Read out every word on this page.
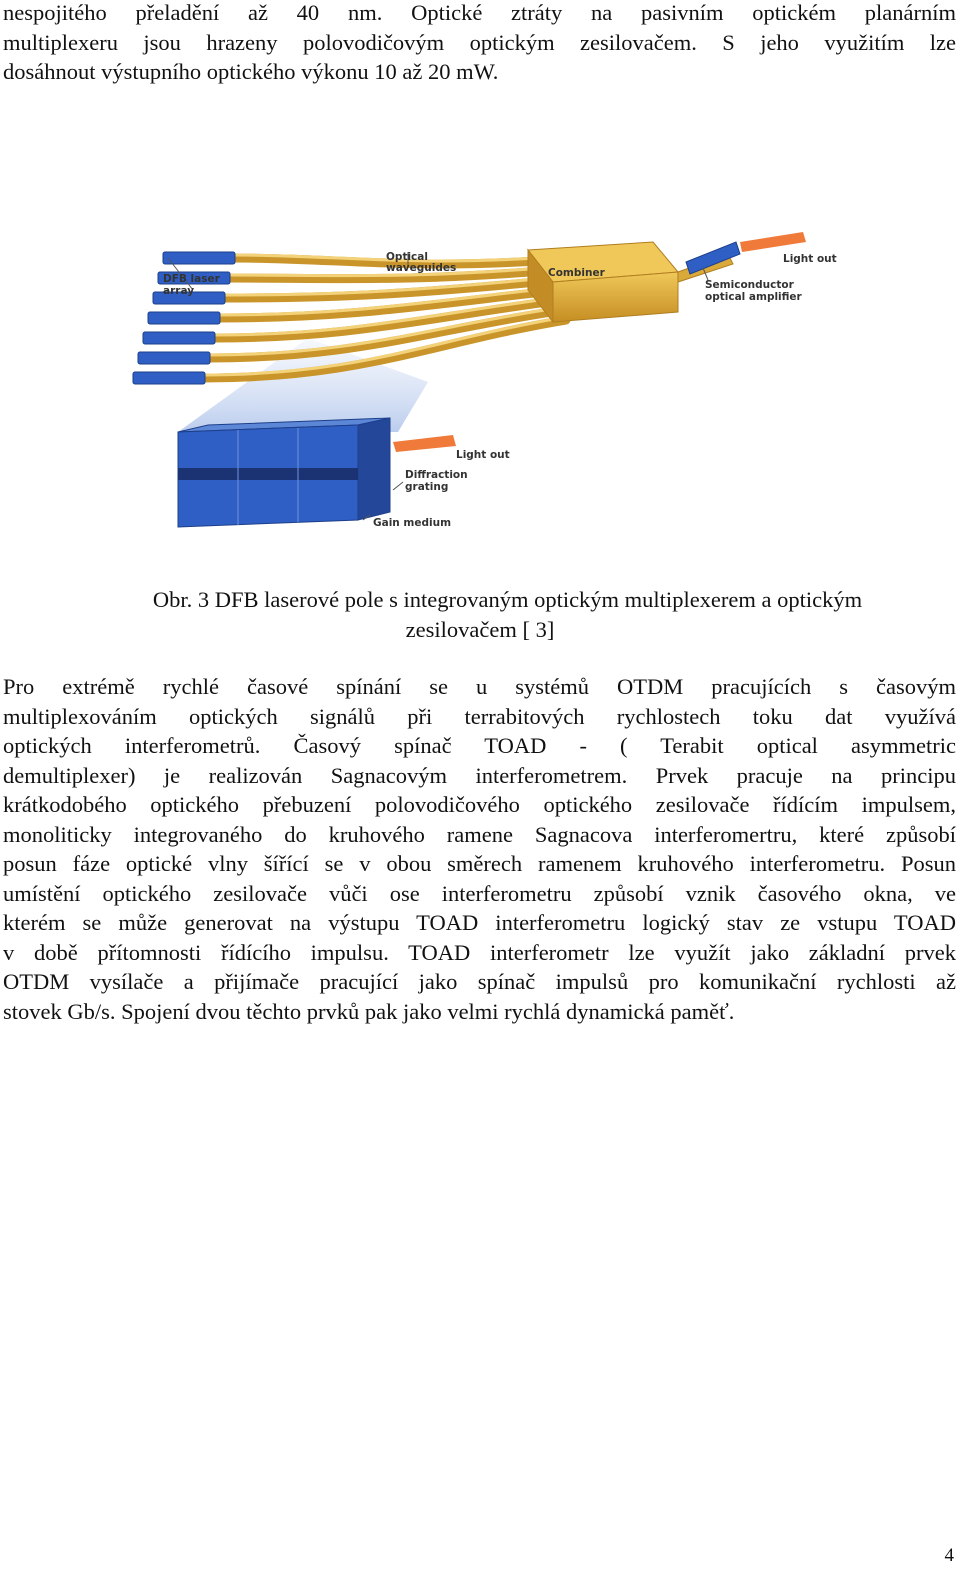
nespojitého přeladění až 40 nm. Optické ztráty na pasivním optickém planárním
multiplexeru jsou hrazeny polovodičovým optickým zesilovačem. S jeho využitím lze
dosáhnout výstupního optického výkonu 10 až 20 mW.
DFB laser
array
Optical
waveguides	Combiner
Light out
Semiconductor
optical amplifier
Light out
Diffraction
grating
Gain medium
Obr. 3 DFB laserové pole s integrovaným optickým multiplexerem a optickým
zesilovačem [ 3]
Pro extrémě rychlé časové spínání se u systémů OTDM pracujících s časovým
multiplexováním optických signálů při terrabitových rychlostech toku dat využívá
optických interferometrů. Časový spínač TOAD - ( Terabit optical asymmetric
demultiplexer) je realizován Sagnacovým interferometrem. Prvek pracuje na principu
krátkodobého optického přebuzení polovodičového optického zesilovače řídícím impulsem,
monoliticky integrovaného do kruhového ramene Sagnacova interferomertru, které způsobí
posun fáze optické vlny šířící se v obou směrech ramenem kruhového interferometru. Posun
umístění optického zesilovače vůči ose interferometru způsobí vznik časového okna, ve
kterém se může generovat na výstupu TOAD interferometru logický stav ze vstupu TOAD
v době přítomnosti řídícího impulsu. TOAD interferometr lze využít jako základní prvek
OTDM vysílače a přijímače pracující jako spínač impulsů pro komunikační rychlosti až
stovek Gb/s. Spojení dvou těchto prvků pak jako velmi rychlá dynamická paměť.
4
